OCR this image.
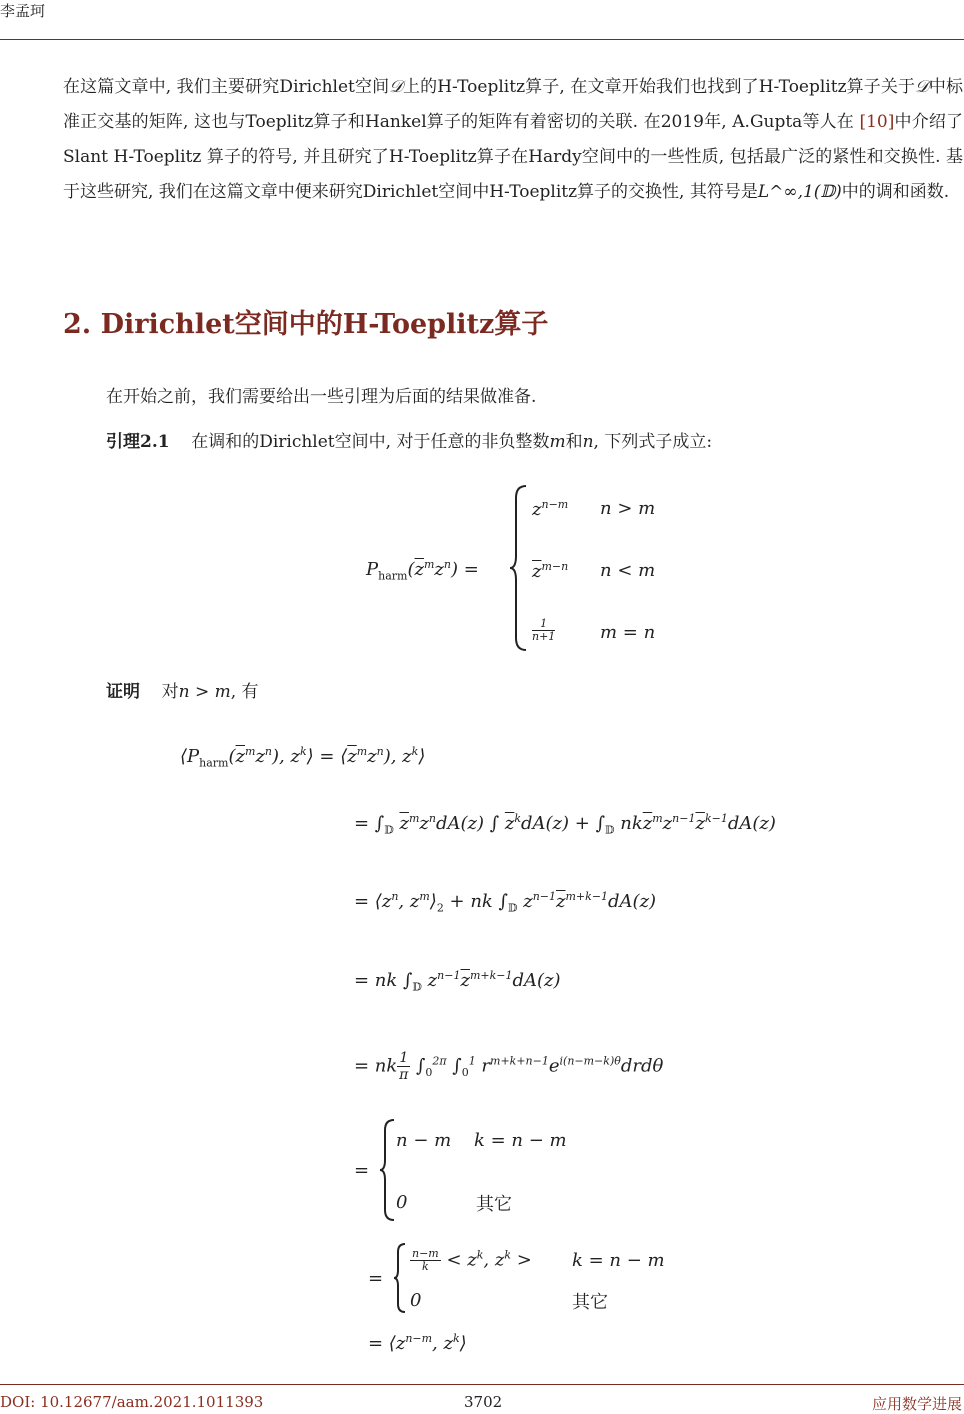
李孟珂
在这篇文章中, 我们主要研究Dirichlet空间𝒟上的H-Toeplitz算子, 在文章开始我们也找到了H-Toeplitz算子关于𝒟中标准正交基的矩阵, 这也与Toeplitz算子和Hankel算子的矩阵有着密切的关联. 在2019年, A.Gupta等人在 [10]中介绍了Slant H-Toeplitz 算子的符号, 并且研究了H-Toeplitz算子在Hardy空间中的一些性质, 包括最广泛的紧性和交换性. 基于这些研究, 我们在这篇文章中便来研究Dirichlet空间中H-Toeplitz算子的交换性, 其符号是L^∞,1(𝔻)中的调和函数.
2. Dirichlet空间中的H-Toeplitz算子
在开始之前，我们需要给出一些引理为后面的结果做准备.
引理2.1 在调和的Dirichlet空间中, 对于任意的非负整数m和n, 下列式子成立:
$P_{harm}(\overline{z}^mz^n)$ =
$z^{n-m}$ n > m
$\overline{z}^{m-n}$ n < m
$\frac{1}{n+1}$ m = n
证明 对n > m, 有
$⟨P_{harm}(\overline{z}^mz^n)$, $z^k⟩$ = $⟨\overline{z}^mz^n$), $z^k⟩$
= $\int_𝔻$ $\overline{z}^mz^ndA(z)$ ∫ $\overline{z}^kdA(z) + \int_𝔻$ $nk\overline{z}^mz^{n-1}\overline{z}^{k-1}dA(z)$
= $⟨z^n$, $z^m⟩_2$ + nk $\int_𝔻$ $z^{n-1}\overline{z}^{m+k-1}dA(z)$
= nk $\int_𝔻$ $z^{n-1}\overline{z}^{m+k-1}dA(z)$
= nk $\frac{1}{\pi} \int_0^{2\pi}$ $\int_0^1$ $r^{m+k+n-1}e^{i(n-m-k)\theta}drd\theta$
=
n − m k = n − m
0	其它
=
$\frac{n-m}{k} < z^k$, $z^k > k = n - m$
0	其它
= $⟨z^{n-m}$, $z^k⟩$
DOI: 10.12677/aam.2021.1011393	3702	应用数学进展
